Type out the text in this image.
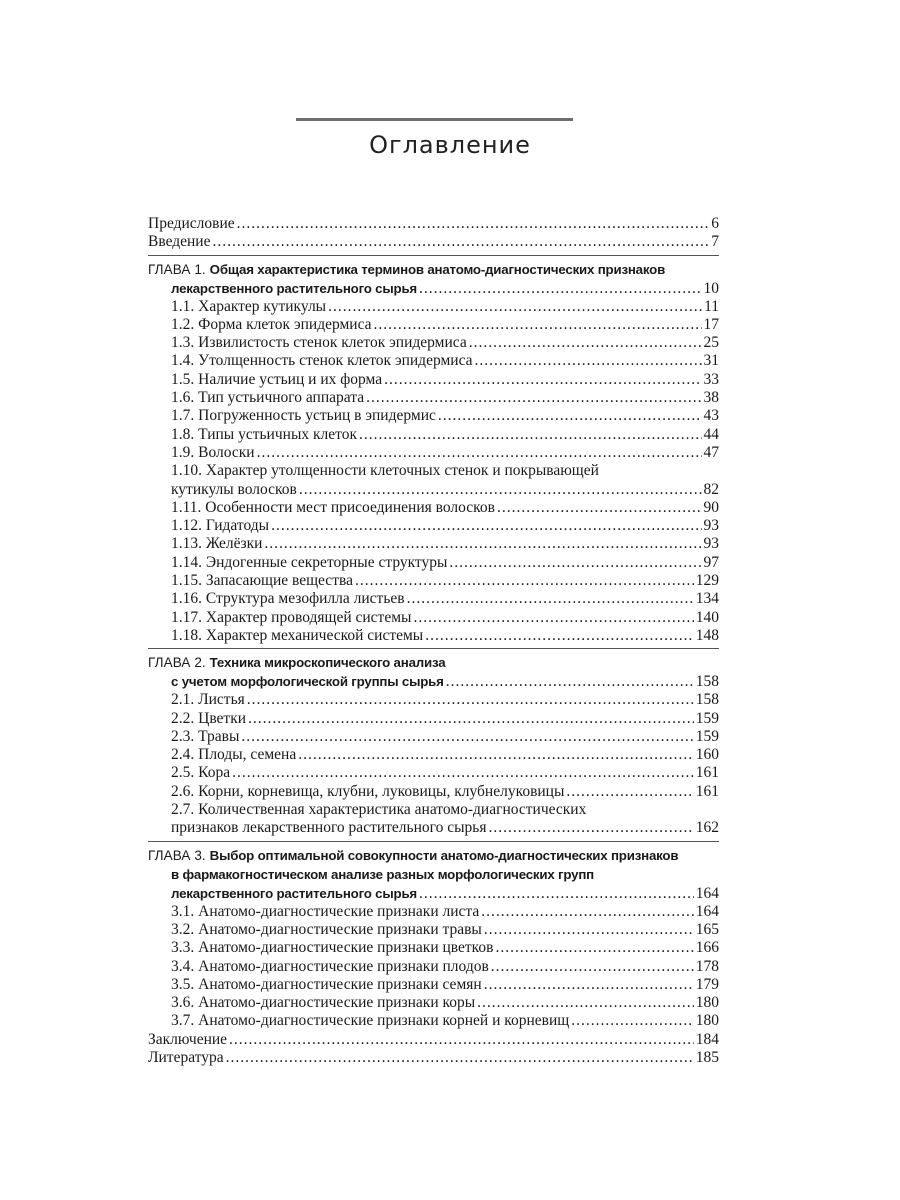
Оглавление
Предисловие .....	6
Введение .....	7
ГЛАВА 1.
Общая характеристика терминов анатомо-диагностических признаков
лекарственного растительного сырья .....	10
1.1. Характер кутикулы .....	11
1.2. Форма клеток эпидермиса .....	17
1.3. Извилистость стенок клеток эпидермиса .....	25
1.4. Утолщенность стенок клеток эпидермиса .....	31
1.5. Наличие устьиц и их форма .....	33
1.6. Тип устьичного аппарата .....	38
1.7. Погруженность устьиц в эпидермис .....	43
1.8. Типы устьичных клеток .....	44
1.9. Волоски .....	47
1.10. Характер утолщенности клеточных стенок и покрывающей
кутикулы волосков .....	82
1.11. Особенности мест присоединения волосков .....	90
1.12. Гидатоды .....	93
1.13. Желёзки .....	93
1.14. Эндогенные секреторные структуры .....	97
1.15. Запасающие вещества .....	129
1.16. Структура мезофилла листьев .....	134
1.17. Характер проводящей системы .....	140
1.18. Характер механической системы .....	148
ГЛАВА 2.
Техника микроскопического анализа
с учетом морфологической группы сырья .....	158
2.1. Листья .....	158
2.2. Цветки .....	159
2.3. Травы .....	159
2.4. Плоды, семена .....	160
2.5. Кора .....	161
2.6. Корни, корневища, клубни, луковицы, клубнелуковицы .....	161
2.7. Количественная характеристика анатомо-диагностических
признаков лекарственного растительного сырья .....	162
ГЛАВА 3.
Выбор оптимальной совокупности анатомо-диагностических признаков
в фармакогностическом анализе разных морфологических групп
лекарственного растительного сырья .....	164
3.1. Анатомо-диагностические признаки листа .....	164
3.2. Анатомо-диагностические признаки травы .....	165
3.3. Анатомо-диагностические признаки цветков .....	166
3.4. Анатомо-диагностические признаки плодов .....	178
3.5. Анатомо-диагностические признаки семян .....	179
3.6. Анатомо-диагностические признаки коры .....	180
3.7. Анатомо-диагностические признаки корней и корневищ .....	180
Заключение .....	184
Литература .....	185
